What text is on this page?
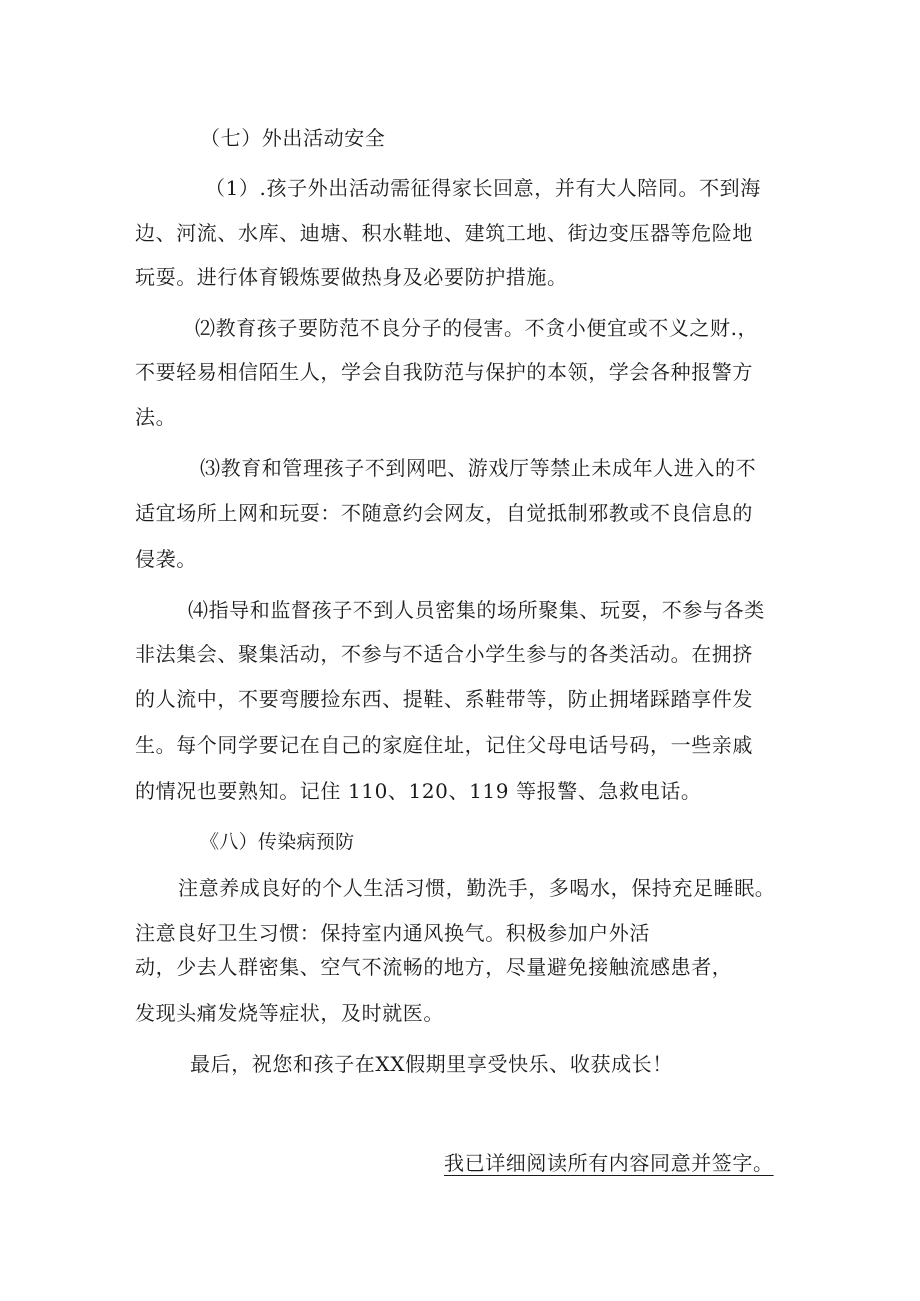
（七）外出活动安全
（1）.孩子外出活动需征得家长回意，并有大人陪同。不到海
边、河流、水库、迪塘、积水鞋地、建筑工地、街边变压器等危险地
玩耍。进行体育锻炼要做热身及必要防护措施。
⑵教育孩子要防范不良分子的侵害。不贪小便宜或不义之财.，
不要轻易相信陌生人，学会自我防范与保护的本领，学会各种报警方
法。
⑶教育和管理孩子不到网吧、游戏厅等禁止未成年人进入的不
适宜场所上网和玩耍：不随意约会网友，自觉抵制邪教或不良信息的
侵袭。
⑷指导和监督孩子不到人员密集的场所聚集、玩耍，不参与各类
非法集会、聚集活动，不参与不适合小学生参与的各类活动。在拥挤
的人流中，不要弯腰捡东西、提鞋、系鞋带等，防止拥堵踩踏享件发
生。每个同学要记在自己的家庭住址，记住父母电话号码，一些亲戚
的情况也要熟知。记住 110、120、119 等报警、急救电话。
《八）传染病预防
注意养成良好的个人生活习惯，勤洗手，多喝水，保持充足睡眠。
注意良好卫生习惯：保持室内通风换气。积极参加户外活
动，少去人群密集、空气不流畅的地方，尽量避免接触流感患者，
发现头痛发烧等症状，及时就医。
最后，祝您和孩子在XX假期里享受快乐、收获成长！
我已详细阅读所有内容同意并签字。
